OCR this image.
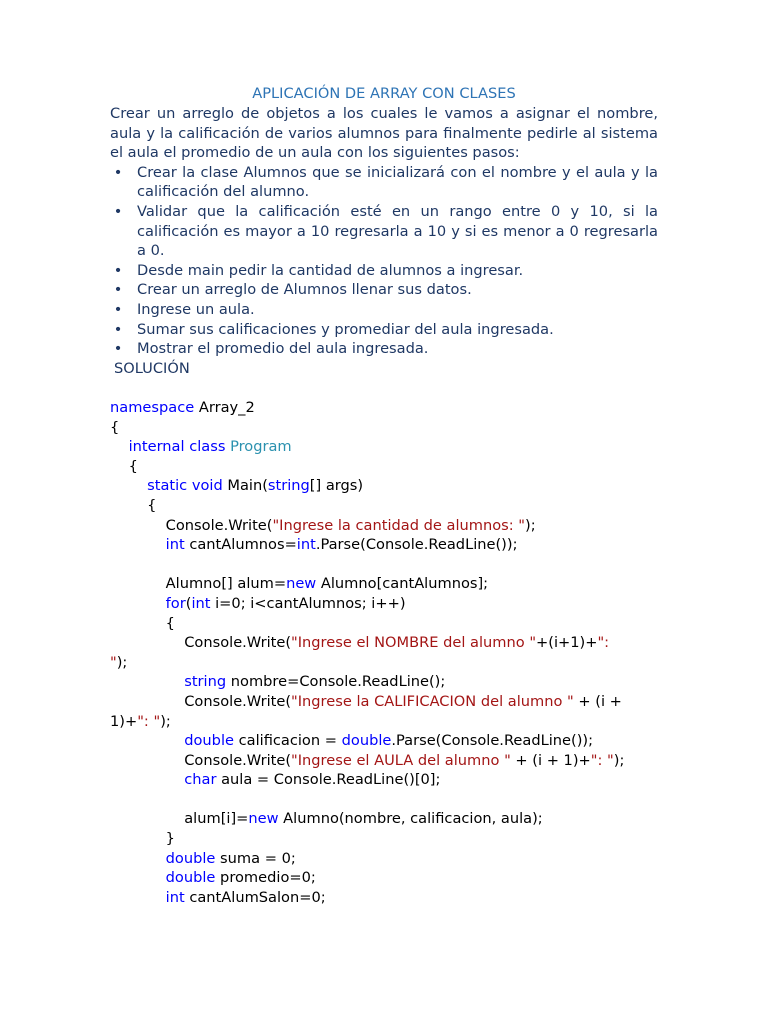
APLICACIÓN DE ARRAY CON CLASES

Crear un arreglo de objetos a los cuales le vamos a asignar el nombre, aula y la calificación de varios alumnos para finalmente pedirle al sistema el aula el promedio de un aula con los siguientes pasos:

• Crear la clase Alumnos que se inicializará con el nombre y el aula y la calificación del alumno.
• Validar que la calificación esté en un rango entre 0 y 10, si la calificación es mayor a 10 regresarla a 10 y si es menor a 0 regresarla a 0.
• Desde main pedir la cantidad de alumnos a ingresar.
• Crear un arreglo de Alumnos llenar sus datos.
• Ingrese un aula.
• Sumar sus calificaciones y promediar del aula ingresada.
• Mostrar el promedio del aula ingresada.
SOLUCIÓN
namespace Array_2
{
internal class Program
{
static void Main(string[] args)
{
Console.Write("Ingrese la cantidad de alumnos: ");
int cantAlumnos=int.Parse(Console.ReadLine());
Alumno[] alum=new Alumno[cantAlumnos];
for(int i=0; i<cantAlumnos; i++)
{
Console.Write("Ingrese el NOMBRE del alumno "+(i+1)+":
");
string nombre=Console.ReadLine();
Console.Write("Ingrese la CALIFICACION del alumno " + (i +
1)+": ");
double calificacion = double.Parse(Console.ReadLine());
Console.Write("Ingrese el AULA del alumno " + (i + 1)+": ");
char aula = Console.ReadLine()[0];
alum[i]=new Alumno(nombre, calificacion, aula);
}
double suma = 0;
double promedio=0;
int cantAlumSalon=0;
